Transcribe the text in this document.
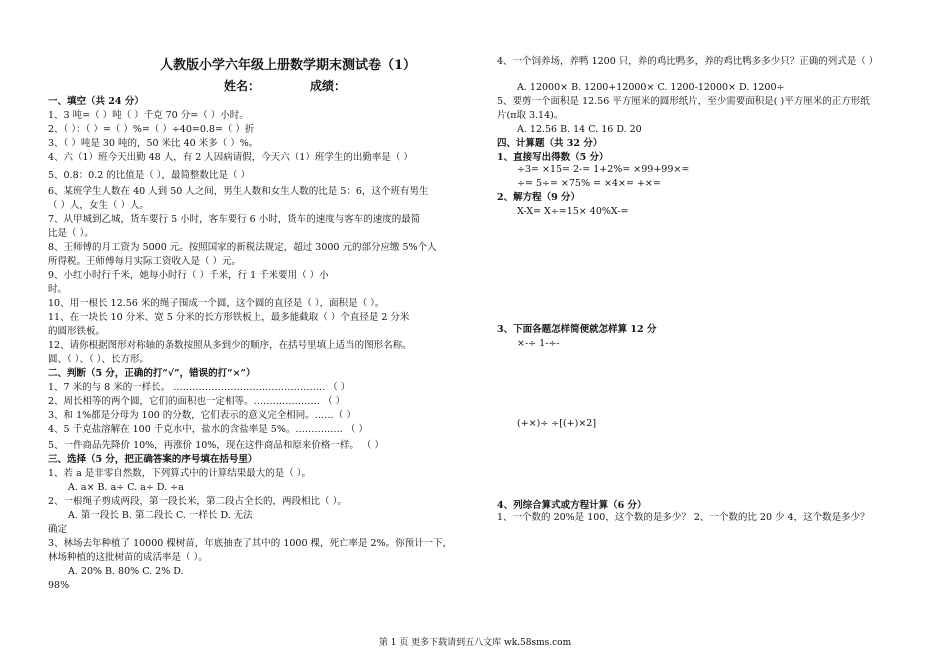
人教版小学六年级上册数学期末测试卷（1）
姓名：	成绩：
一、填空（共 24 分）
1、3 吨=（ ）吨（ ）千克 70 分=（ ）小时。
2、（ ）：（ ）=（ ）%=（ ）÷40=0.8=（ ）折
3、（ ）吨是 30 吨的，50 米比 40 米多（ ）%。
4、六（1）班今天出勤 48 人，有 2 人因病请假，今天六（1）班学生的出勤率是（ ）
5、0.8：0.2 的比值是（ ），最简整数比是（ ）
6、某班学生人数在 40 人到 50 人之间，男生人数和女生人数的比是 5：6，这个班有男生
（ ）人，女生（ ）人。
7、从甲城到乙城，货车要行 5 小时，客车要行 6 小时，货车的速度与客车的速度的最简
比是（ ）。
8、王师傅的月工资为 5000 元。按照国家的新税法规定，超过 3000 元的部分应缴 5%个人
所得税。王师傅每月实际工资收入是（ ）元。
9、小红小时行千米，她每小时行（ ）千米，行 1 千米要用（ ）小
时。
10、用一根长 12.56 米的绳子围成一个圆，这个圆的直径是（ ），面积是（ ）。
11、在一块长 10 分米、宽 5 分米的长方形铁板上，最多能截取（ ）个直径是 2 分米
的圆形铁板。
12、请你根据图形对称轴的条数按照从多到少的顺序，在括号里填上适当的图形名称。
圆、（ ）、（ ）、长方形。
二、判断（5 分，正确的打“√”，错误的打“×”）
1、7 米的与 8 米的一样长。 ………………………………………… （ ）
2、周长相等的两个圆，它们的面积也一定相等。………………… （ ）
3、和 1%都是分母为 100 的分数，它们表示的意义完全相同。……（ ）
4、5 千克盐溶解在 100 千克水中，盐水的含盐率是 5%。…………… （ ）
5、一件商品先降价 10%，再涨价 10%，现在这件商品和原来价格一样。 （ ）
三、选择（5 分，把正确答案的序号填在括号里）
1、若 a 是非零自然数，下列算式中的计算结果最大的是（ ）。
A. a× B. a÷ C. a÷ D. ÷a
2、一根绳子剪成两段，第一段长米，第二段占全长的，两段相比（ ）。
A. 第一段长 B. 第二段长 C. 一样长 D. 无法
确定
3、林场去年种植了 10000 棵树苗，年底抽查了其中的 1000 棵，死亡率是 2%。你预计一下，
林场种植的这批树苗的成活率是（ ）。
A. 20% B. 80% C. 2% D.
98%
4、一个饲养场，养鸭 1200 只，养的鸡比鸭多，养的鸡比鸭多多少只？正确的列式是（ ）
A. 12000× B. 1200+12000× C. 1200-12000× D. 1200÷
5、要剪一个面积是 12.56 平方厘米的圆形纸片，至少需要面积是( )平方厘米的正方形纸
片(π取 3.14)。
A. 12.56 B. 14 C. 16 D. 20
四、计算题（共 32 分）
1、直接写出得数（5 分）
÷3= ×15= 2-= 1+2%= ×99+99×=
÷= 5÷= ×75% = ×4×= +×=
2、解方程（9 分）
X-X= X÷=15× 40%X-=
3、下面各题怎样简便就怎样算 12 分
×-÷ 1-÷-
(+×)÷ ÷[(+)×2]
4、列综合算式或方程计算（6 分）
1、一个数的 20%是 100，这个数的是多少？ 2、一个数的比 20 少 4，这个数是多少？
第 1 页 更多下载请到五八文库 wk.58sms.com
